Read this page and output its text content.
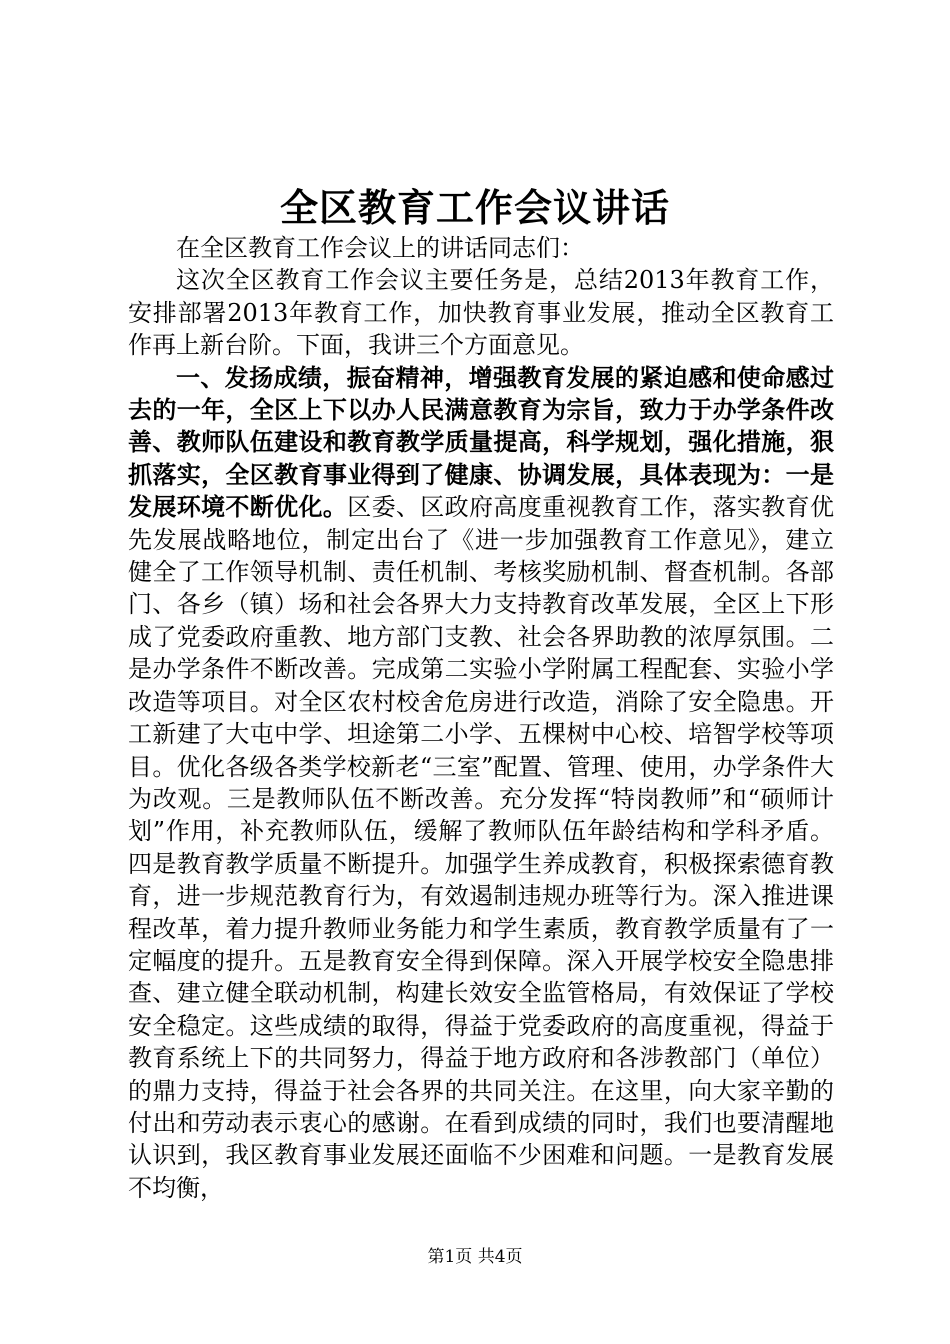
全区教育工作会议讲话

在全区教育工作会议上的讲话同志们：

这次全区教育工作会议主要任务是，总结2013年教育工作，安排部署2013年教育工作，加快教育事业发展，推动全区教育工作再上新台阶。下面，我讲三个方面意见。

一、发扬成绩，振奋精神，增强教育发展的紧迫感和使命感过去的一年，全区上下以办人民满意教育为宗旨，致力于办学条件改善、教师队伍建设和教育教学质量提高，科学规划，强化措施，狠抓落实，全区教育事业得到了健康、协调发展，具体表现为：一是发展环境不断优化。区委、区政府高度重视教育工作，落实教育优先发展战略地位，制定出台了《进一步加强教育工作意见》，建立健全了工作领导机制、责任机制、考核奖励机制、督查机制。各部门、各乡（镇）场和社会各界大力支持教育改革发展，全区上下形成了党委政府重教、地方部门支教、社会各界助教的浓厚氛围。二是办学条件不断改善。完成第二实验小学附属工程配套、实验小学改造等项目。对全区农村校舍危房进行改造，消除了安全隐患。开工新建了大屯中学、坦途第二小学、五棵树中心校、培智学校等项目。优化各级各类学校新老“三室”配置、管理、使用，办学条件大为改观。三是教师队伍不断改善。充分发挥“特岗教师”和“硕师计划”作用，补充教师队伍，缓解了教师队伍年龄结构和学科矛盾。四是教育教学质量不断提升。加强学生养成教育，积极探索德育教育，进一步规范教育行为，有效遏制违规办班等行为。深入推进课程改革，着力提升教师业务能力和学生素质，教育教学质量有了一定幅度的提升。五是教育安全得到保障。深入开展学校安全隐患排查、建立健全联动机制，构建长效安全监管格局，有效保证了学校安全稳定。这些成绩的取得，得益于党委政府的高度重视，得益于教育系统上下的共同努力，得益于地方政府和各涉教部门（单位）的鼎力支持，得益于社会各界的共同关注。在这里，向大家辛勤的付出和劳动表示衷心的感谢。在看到成绩的同时，我们也要清醒地认识到，我区教育事业发展还面临不少困难和问题。一是教育发展不均衡，

第1页 共4页
